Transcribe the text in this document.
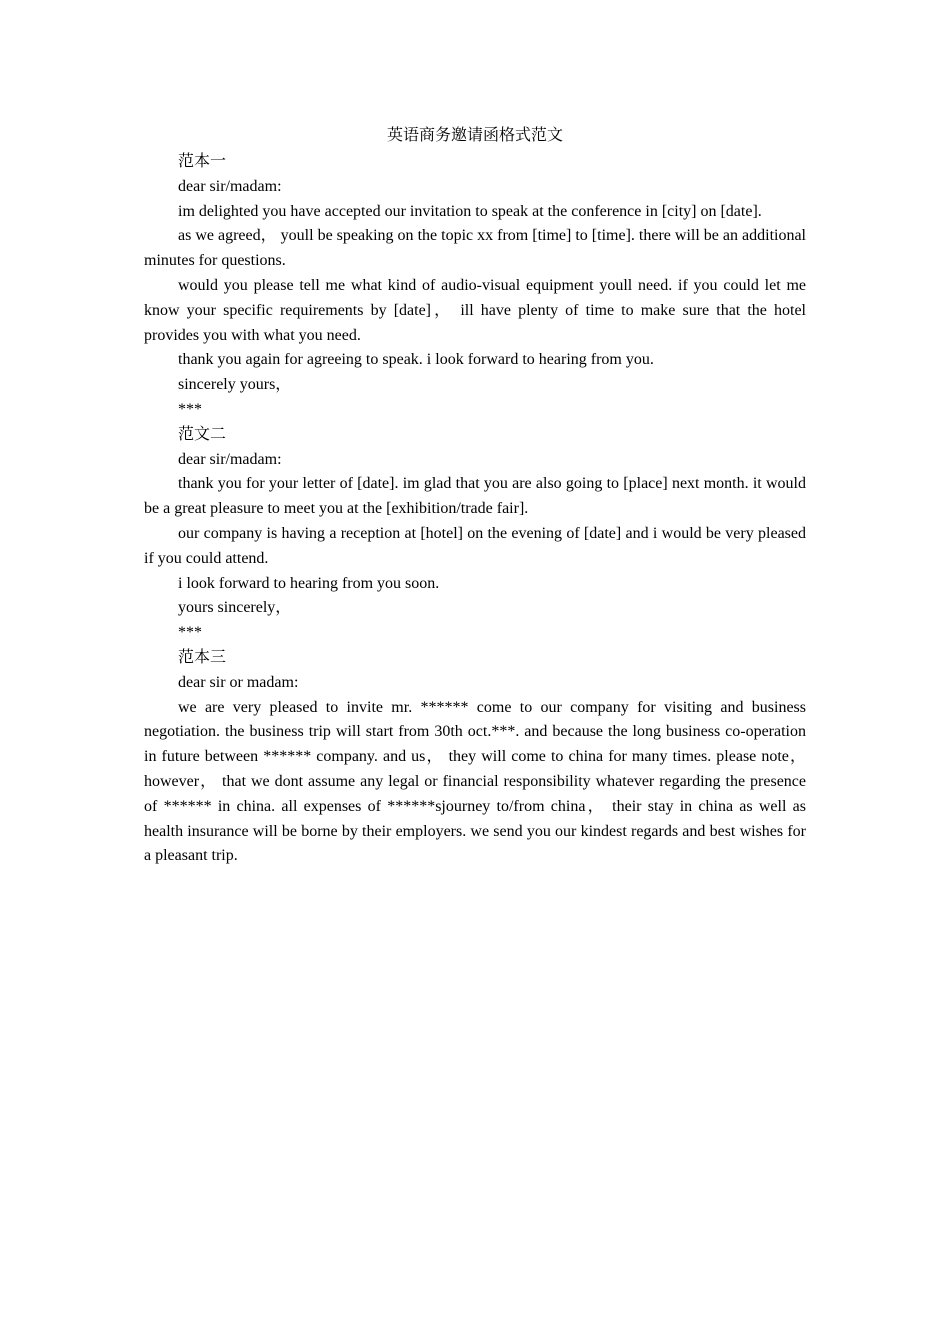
英语商务邀请函格式范文

范本一

dear sir/madam:

im delighted you have accepted our invitation to speak at the conference in [city] on [date].

as we agreed， youll be speaking on the topic xx from [time] to [time]. there will be an additional minutes for questions.

would you please tell me what kind of audio-visual equipment youll need. if you could let me know your specific requirements by [date]， ill have plenty of time to make sure that the hotel provides you with what you need.

thank you again for agreeing to speak. i look forward to hearing from you.

sincerely yours，

***

范文二

dear sir/madam:

thank you for your letter of [date]. im glad that you are also going to [place] next month. it would be a great pleasure to meet you at the [exhibition/trade fair].

our company is having a reception at [hotel] on the evening of [date] and i would be very pleased if you could attend.

i look forward to hearing from you soon.

yours sincerely，

***

范本三

dear sir or madam:

we are very pleased to invite mr. ****** come to our company for visiting and business negotiation. the business trip will start from 30th oct.***. and because the long business co-operation in future between ****** company. and us， they will come to china for many times. please note， however， that we dont assume any legal or financial responsibility whatever regarding the presence of ****** in china. all expenses of ******sjourney to/from china， their stay in china as well as health insurance will be borne by their employers. we send you our kindest regards and best wishes for a pleasant trip.
